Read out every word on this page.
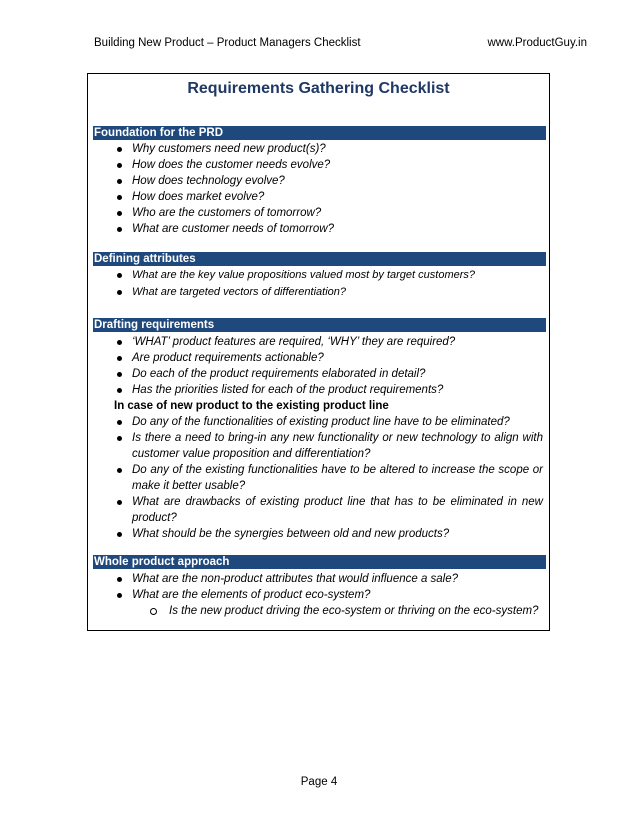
Building New Product – Product Managers Checklist	www.ProductGuy.in
Requirements Gathering Checklist
Foundation for the PRD
Why customers need new product(s)?
How does the customer needs evolve?
How does technology evolve?
How does market evolve?
Who are the customers of tomorrow?
What are customer needs of tomorrow?
Defining attributes
What are the key value propositions valued most by target customers?
What are targeted vectors of differentiation?
Drafting requirements
‘WHAT’ product features are required, ‘WHY’ they are required?
Are product requirements actionable?
Do each of the product requirements elaborated in detail?
Has the priorities listed for each of the product requirements?
In case of new product to the existing product line
Do any of the functionalities of existing product line have to be eliminated?
Is there a need to bring-in any new functionality or new technology to align with customer value proposition and differentiation?
Do any of the existing functionalities have to be altered to increase the scope or make it better usable?
What are drawbacks of existing product line that has to be eliminated in new product?
What should be the synergies between old and new products?
Whole product approach
What are the non-product attributes that would influence a sale?
What are the elements of product eco-system?
Is the new product driving the eco-system or thriving on the eco-system?
Page 4
